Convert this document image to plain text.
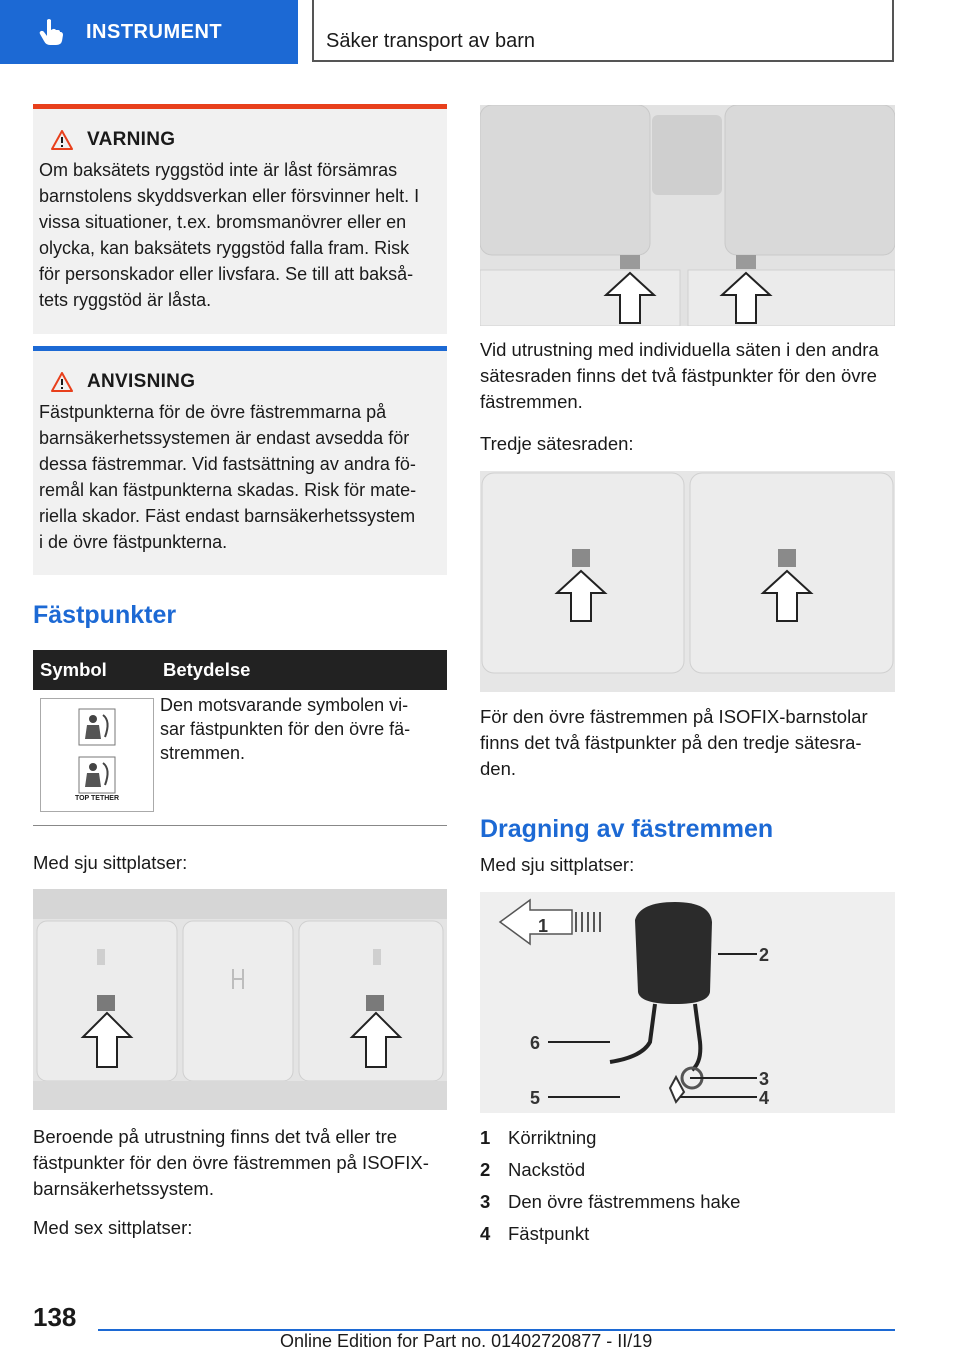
INSTRUMENT	Säker transport av barn
VARNING
Om baksätets ryggstöd inte är låst försämras
barnstolens skyddsverkan eller försvinner helt. I
vissa situationer, t.ex. bromsmanövrer eller en
olycka, kan baksätets ryggstöd falla fram. Risk
för personskador eller livsfara. Se till att bakså-
tets ryggstöd är låsta.
ANVISNING
Fästpunkterna för de övre fästremmarna på
barnsäkerhetssystemen är endast avsedda för
dessa fästremmar. Vid fastsättning av andra fö-
remål kan fästpunkterna skadas. Risk för mate-
riella skador. Fäst endast barnsäkerhetssystem
i de övre fästpunkterna.
Fästpunkter
Symbol	Betydelse
TOP TETHER
Den motsvarande symbolen vi-
sar fästpunkten för den övre fä-
stremmen.
Med sju sittplatser:
Beroende på utrustning finns det två eller tre
fästpunkter för den övre fästremmen på ISOFIX-
barnsäkerhetssystem.
Med sex sittplatser:
Vid utrustning med individuella säten i den andra
sätesraden finns det två fästpunkter för den övre
fästremmen.
Tredje sätesraden:
För den övre fästremmen på ISOFIX-barnstolar
finns det två fästpunkter på den tredje sätesra-
den.
Dragning av fästremmen
Med sju sittplatser:
1
2
3
4
5
6
1 Körriktning
2 Nackstöd
3 Den övre fästremmens hake
4 Fästpunkt
138
Online Edition for Part no. 01402720877 - II/19
